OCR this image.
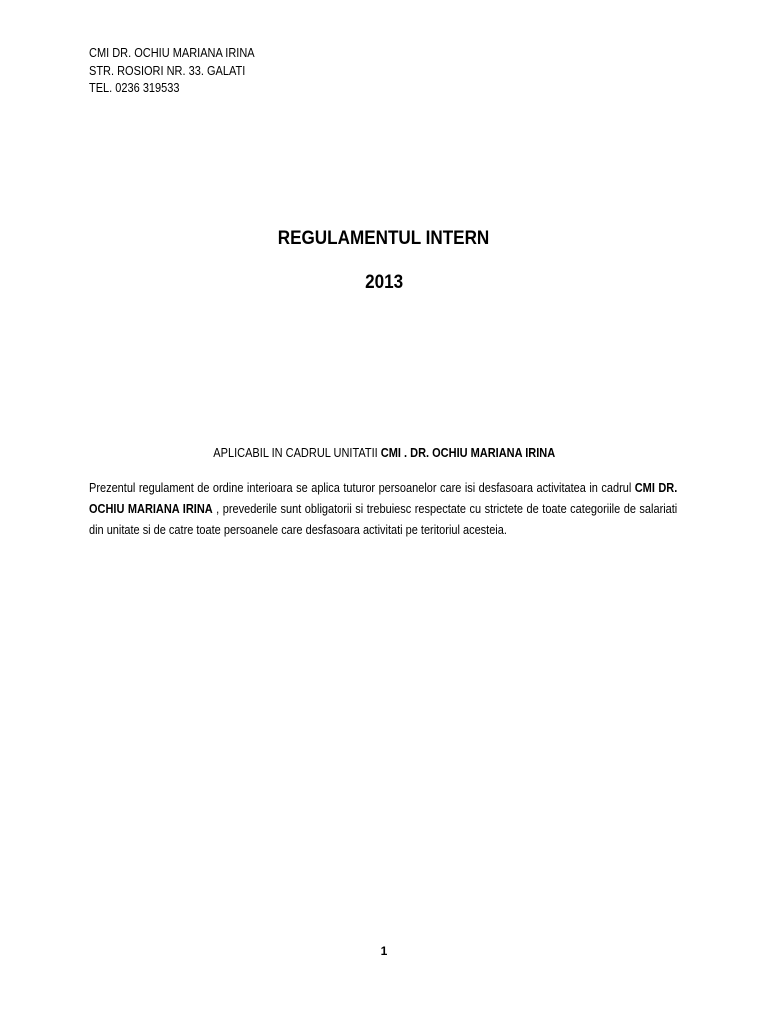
CMI DR. OCHIU MARIANA IRINA
STR. ROSIORI NR. 33. GALATI
TEL. 0236 319533
REGULAMENTUL INTERN
2013
APLICABIL IN CADRUL UNITATII CMI . DR. OCHIU MARIANA IRINA
Prezentul regulament de ordine interioara se aplica tuturor persoanelor care isi desfasoara activitatea in cadrul CMI DR. OCHIU MARIANA IRINA , prevederile sunt obligatorii si trebuiesc respectate cu strictete de toate categoriile de salariati din unitate si de catre toate persoanele care desfasoara activitati pe teritoriul acesteia.
1
